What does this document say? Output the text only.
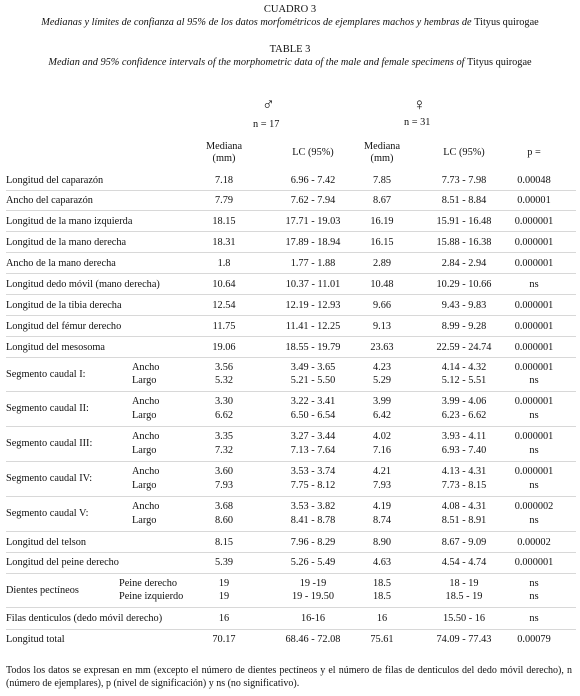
CUADRO 3
Medianas y límites de confianza al 95% de los datos morfométricos de ejemplares machos y hembras de Tityus quirogae
TABLE 3
Median and 95% confidence intervals of the morphometric data of the male and female specimens of Tityus quirogae
♂
n = 17
♀
n = 31
Mediana
(mm)
LC (95%)
Mediana
(mm)
LC (95%)	p =
Longitud del caparazón	7.18	6.96 - 7.42	7.85	7.73 - 7.98	0.00048
Ancho del caparazón	7.79	7.62 - 7.94	8.67	8.51 - 8.84	0.00001
Longitud de la mano izquierda	18.15	17.71 - 19.03	16.19	15.91 - 16.48	0.000001
Longitud de la mano derecha	18.31	17.89 - 18.94	16.15	15.88 - 16.38	0.000001
Ancho de la mano derecha	1.8	1.77 - 1.88	2.89	2.84 - 2.94	0.000001
Longitud dedo móvil (mano derecha)	10.64	10.37 - 11.01	10.48	10.29 - 10.66	ns
Longitud de la tibia derecha	12.54	12.19 - 12.93	9.66	9.43 - 9.83	0.000001
Longitud del fémur derecho	11.75	11.41 - 12.25	9.13	8.99 - 9.28	0.000001
Longitud del mesosoma	19.06	18.55 - 19.79	23.63	22.59 - 24.74	0.000001
Segmento caudal I:
Ancho	3.56	3.49 - 3.65	4.23	4.14 - 4.32	0.000001
Largo	5.32	5.21 - 5.50	5.29	5.12 - 5.51	ns
Segmento caudal II:
Ancho	3.30	3.22 - 3.41	3.99	3.99 - 4.06	0.000001
Largo	6.62	6.50 - 6.54	6.42	6.23 - 6.62	ns
Segmento caudal III:
Ancho	3.35	3.27 - 3.44	4.02	3.93 - 4.11	0.000001
Largo	7.32	7.13 - 7.64	7.16	6.93 - 7.40	ns
Segmento caudal IV:
Ancho	3.60	3.53 - 3.74	4.21	4.13 - 4.31	0.000001
Largo	7.93	7.75 - 8.12	7.93	7.73 - 8.15	ns
Segmento caudal V:
Ancho	3.68	3.53 - 3.82	4.19	4.08 - 4.31	0.000002
Largo	8.60	8.41 - 8.78	8.74	8.51 - 8.91	ns
Longitud del telson	8.15	7.96 - 8.29	8.90	8.67 - 9.09	0.00002
Longitud del peine derecho	5.39	5.26 - 5.49	4.63	4.54 - 4.74	0.000001
Dientes pectíneos
Peine derecho	19	19 -19	18.5	18 - 19	ns
Peine izquierdo	19	19 - 19.50	18.5	18.5 - 19	ns
Filas denticulos (dedo móvil derecho)	16	16-16	16	15.50 - 16	ns
Longitud total	70.17	68.46 - 72.08	75.61	74.09 - 77.43	0.00079
Todos los datos se expresan en mm (excepto el número de dientes pectíneos y el número de filas de denticulos del dedo móvil derecho), n (número de ejemplares), p (nivel de significación) y ns (no significativo).
